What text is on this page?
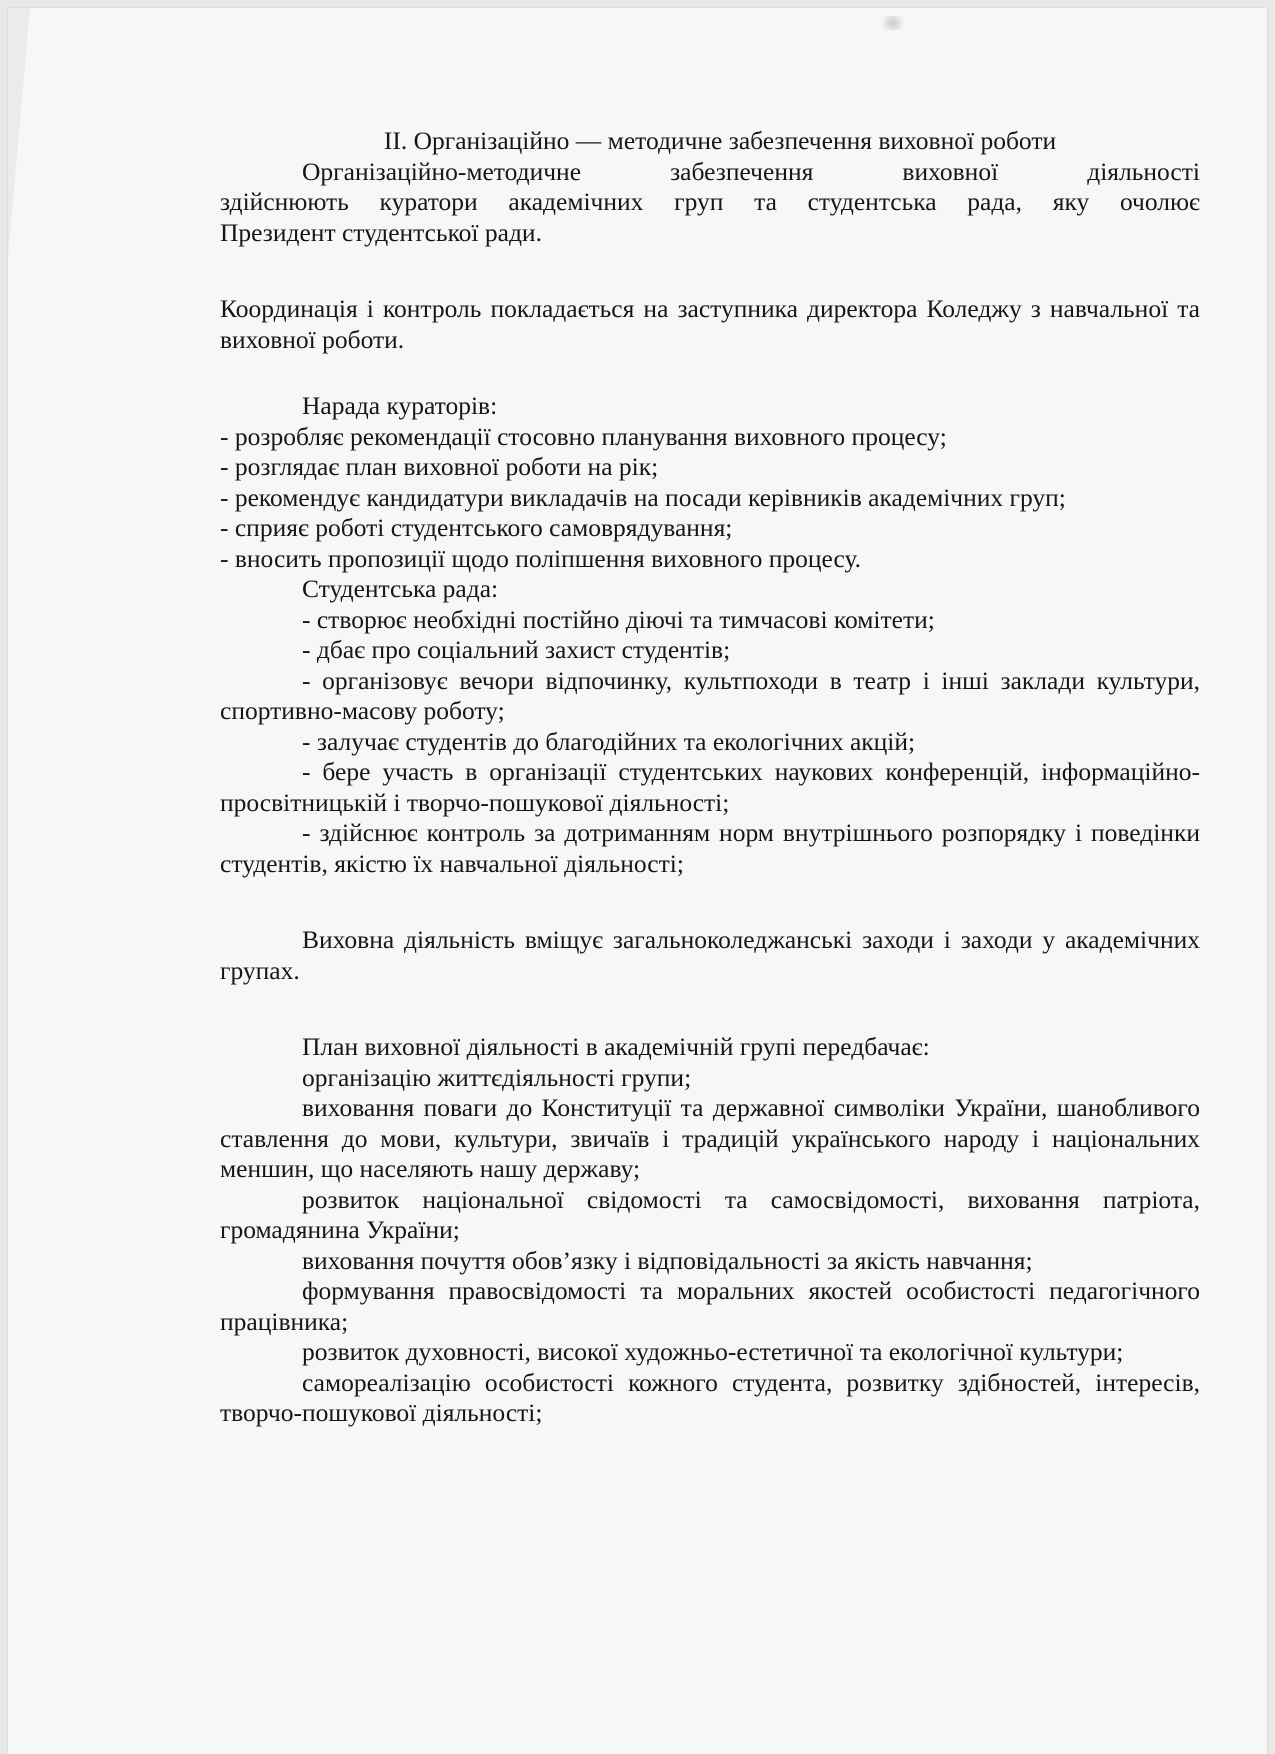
ІІ. Організаційно — методичне забезпечення виховної роботи

Організаційно-методичне	забезпечення	виховної	діяльності

здійснюють куратори академічних груп та студентська рада, яку очолює

Президент студентської ради.

Координація і контроль покладається на заступника директора Коледжу з навчальної та виховної роботи.

Нарада кураторів:

- розробляє рекомендації стосовно планування виховного процесу;

- розглядає план виховної роботи на рік;

- рекомендує кандидатури викладачів на посади керівників академічних груп;

- сприяє роботі студентського самоврядування;

- вносить пропозиції щодо поліпшення виховного процесу.

Студентська рада:

- створює необхідні постійно діючі та тимчасові комітети;

- дбає про соціальний захист студентів;

- організовує вечори відпочинку, культпоходи в театр і інші заклади культури, спортивно-масову роботу;

- залучає студентів до благодійних та екологічних акцій;

- бере участь в організації студентських наукових конференцій, інформаційно-просвітницькій і творчо-пошукової діяльності;

- здійснює контроль за дотриманням норм внутрішнього розпорядку і поведінки студентів, якістю їх навчальної діяльності;

Виховна діяльність вміщує загальноколеджанські заходи і заходи у академічних групах.

План виховної діяльності в академічній групі передбачає:

організацію життєдіяльності групи;

виховання поваги до Конституції та державної символіки України, шанобливого ставлення до мови, культури, звичаїв і традицій українського народу і національних меншин, що населяють нашу державу;

розвиток національної свідомості та самосвідомості, виховання патріота, громадянина України;

виховання почуття обов’язку і відповідальності за якість навчання;

формування правосвідомості та моральних якостей особистості педагогічного працівника;

розвиток духовності, високої художньо-естетичної та екологічної культури;

самореалізацію особистості кожного студента, розвитку здібностей, інтересів, творчо-пошукової діяльності;
